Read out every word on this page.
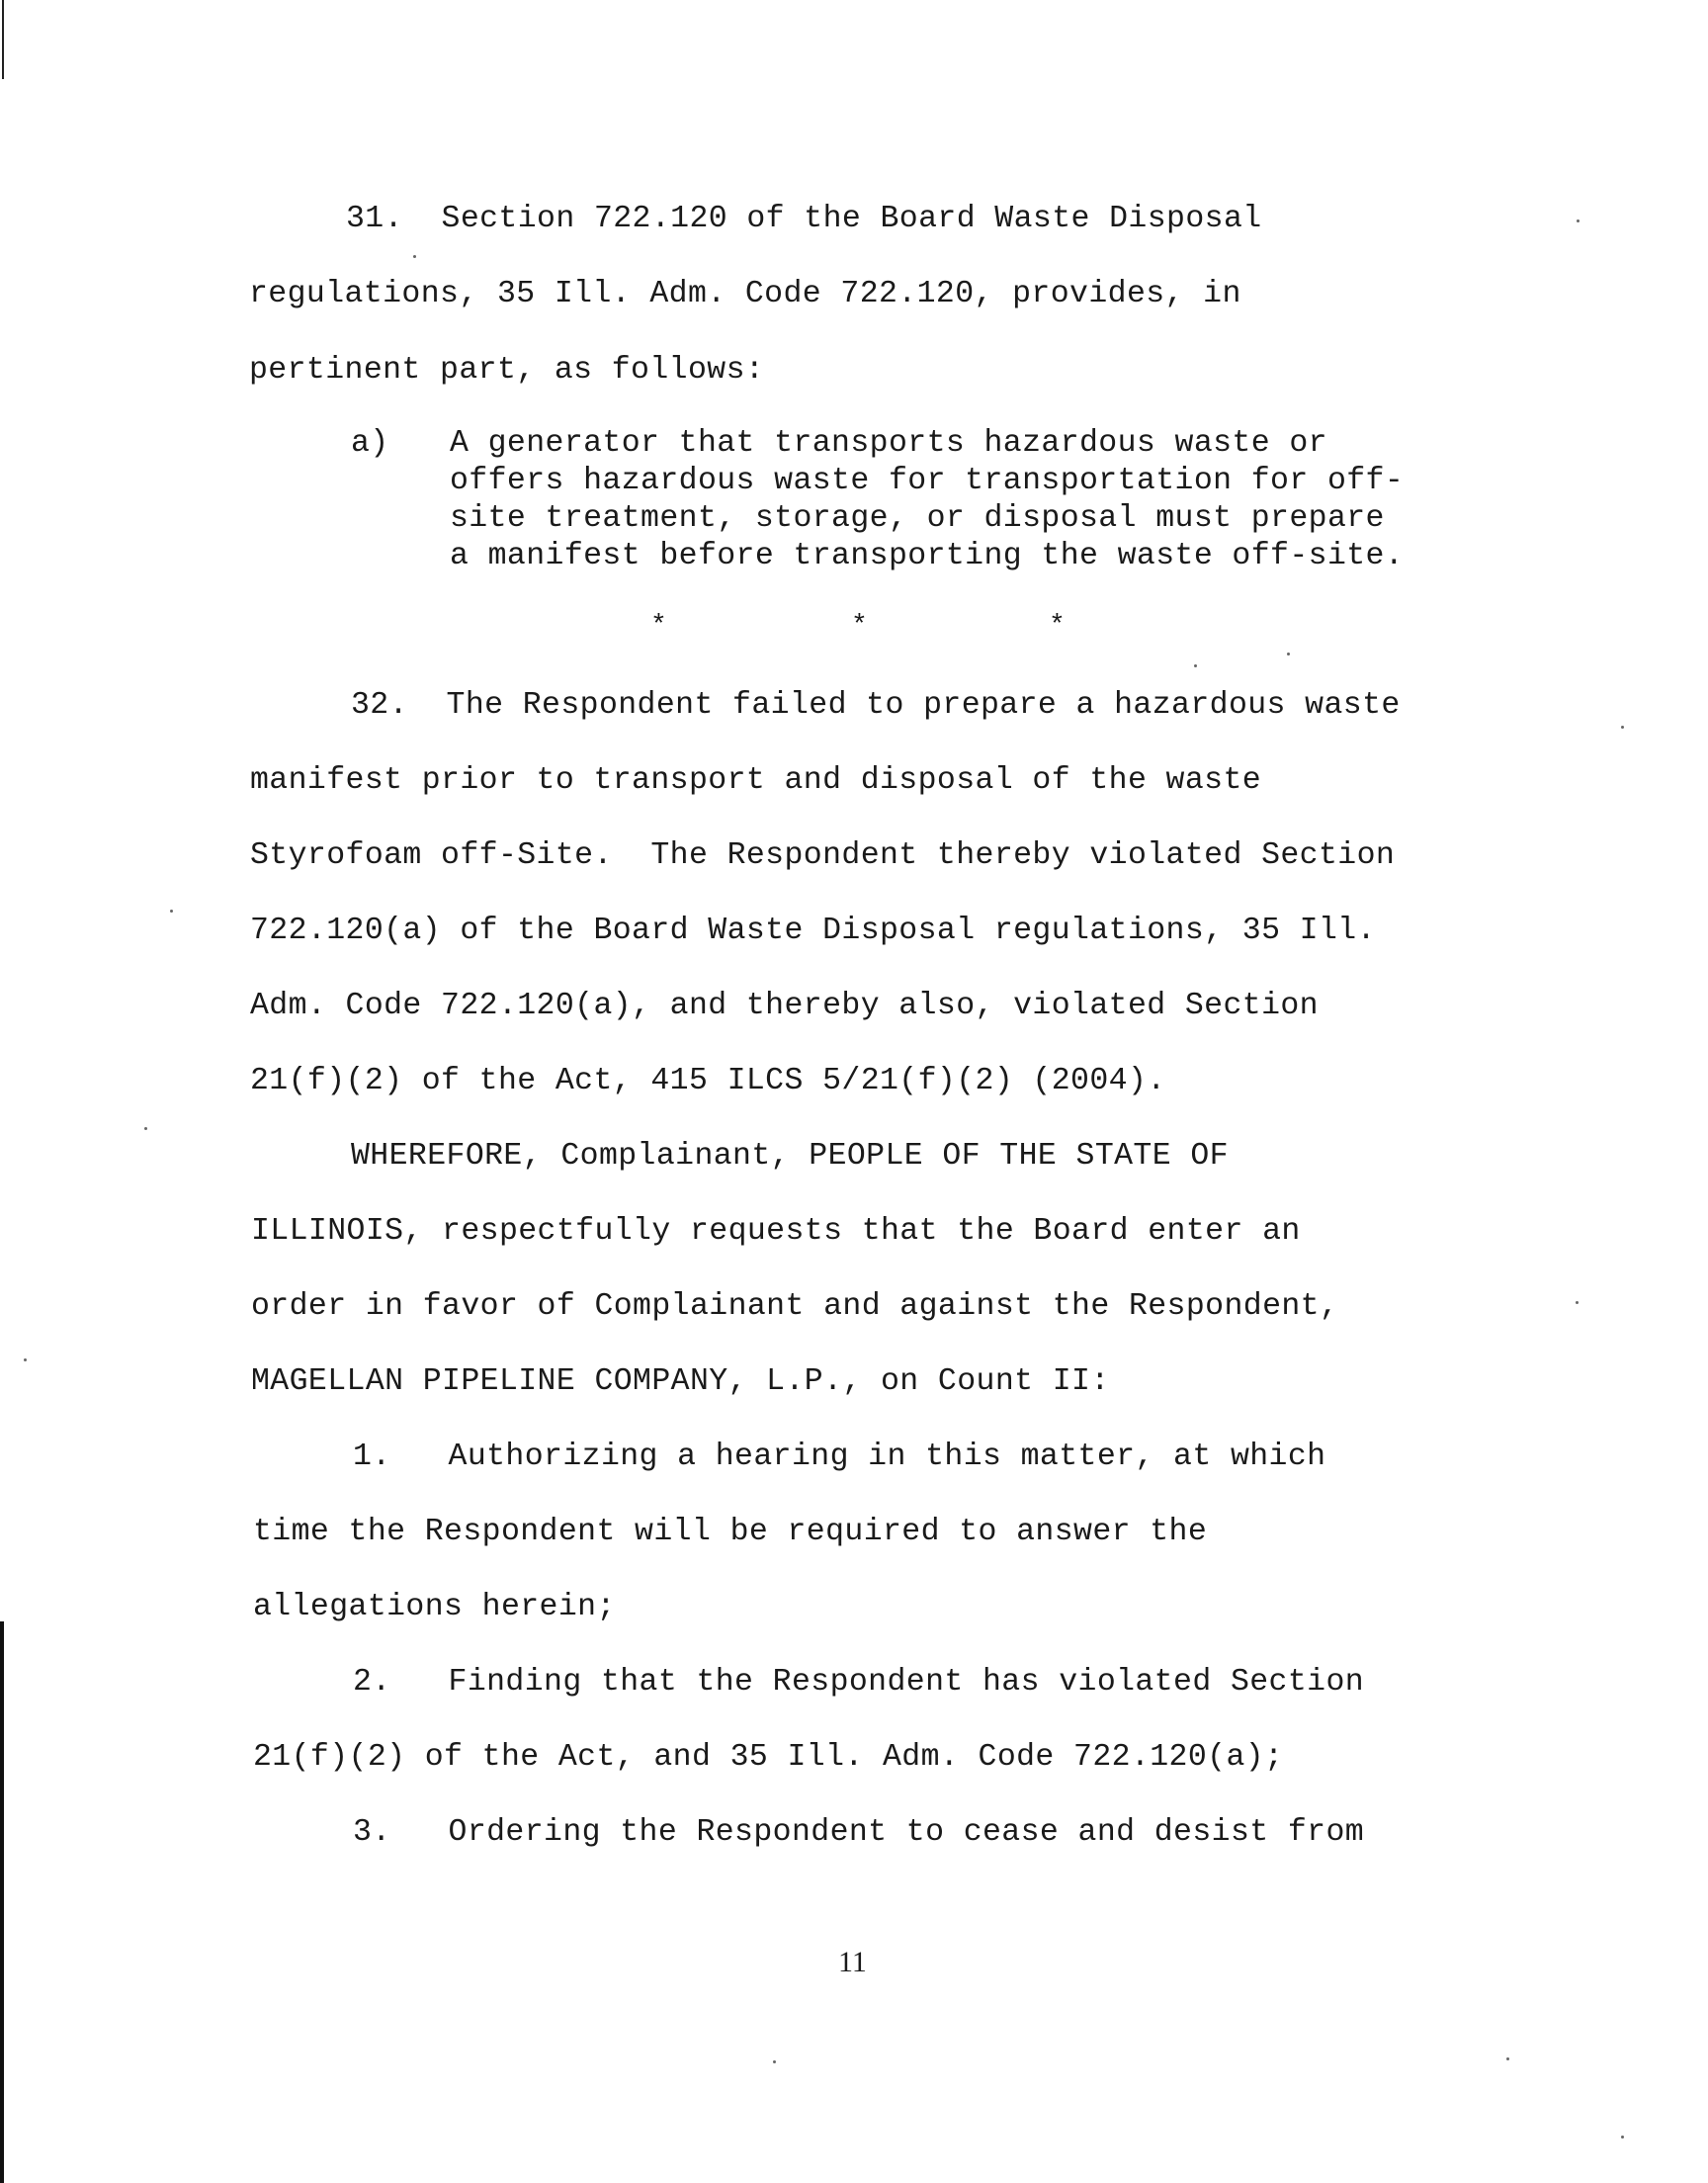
31.  Section 722.120 of the Board Waste Disposal
regulations, 35 Ill. Adm. Code 722.120, provides, in
pertinent part, as follows:
a) A generator that transports hazardous waste or
offers hazardous waste for transportation for off-
site treatment, storage, or disposal must prepare
a manifest before transporting the waste off-site.
*	*	*
32.  The Respondent failed to prepare a hazardous waste
manifest prior to transport and disposal of the waste
Styrofoam off-Site.  The Respondent thereby violated Section
722.120(a) of the Board Waste Disposal regulations, 35 Ill.
Adm. Code 722.120(a), and thereby also, violated Section
21(f)(2) of the Act, 415 ILCS 5/21(f)(2) (2004).
WHEREFORE, Complainant, PEOPLE OF THE STATE OF
ILLINOIS, respectfully requests that the Board enter an
order in favor of Complainant and against the Respondent,
MAGELLAN PIPELINE COMPANY, L.P., on Count II:
1.   Authorizing a hearing in this matter, at which
time the Respondent will be required to answer the
allegations herein;
2.   Finding that the Respondent has violated Section
21(f)(2) of the Act, and 35 Ill. Adm. Code 722.120(a);
3.   Ordering the Respondent to cease and desist from
11
